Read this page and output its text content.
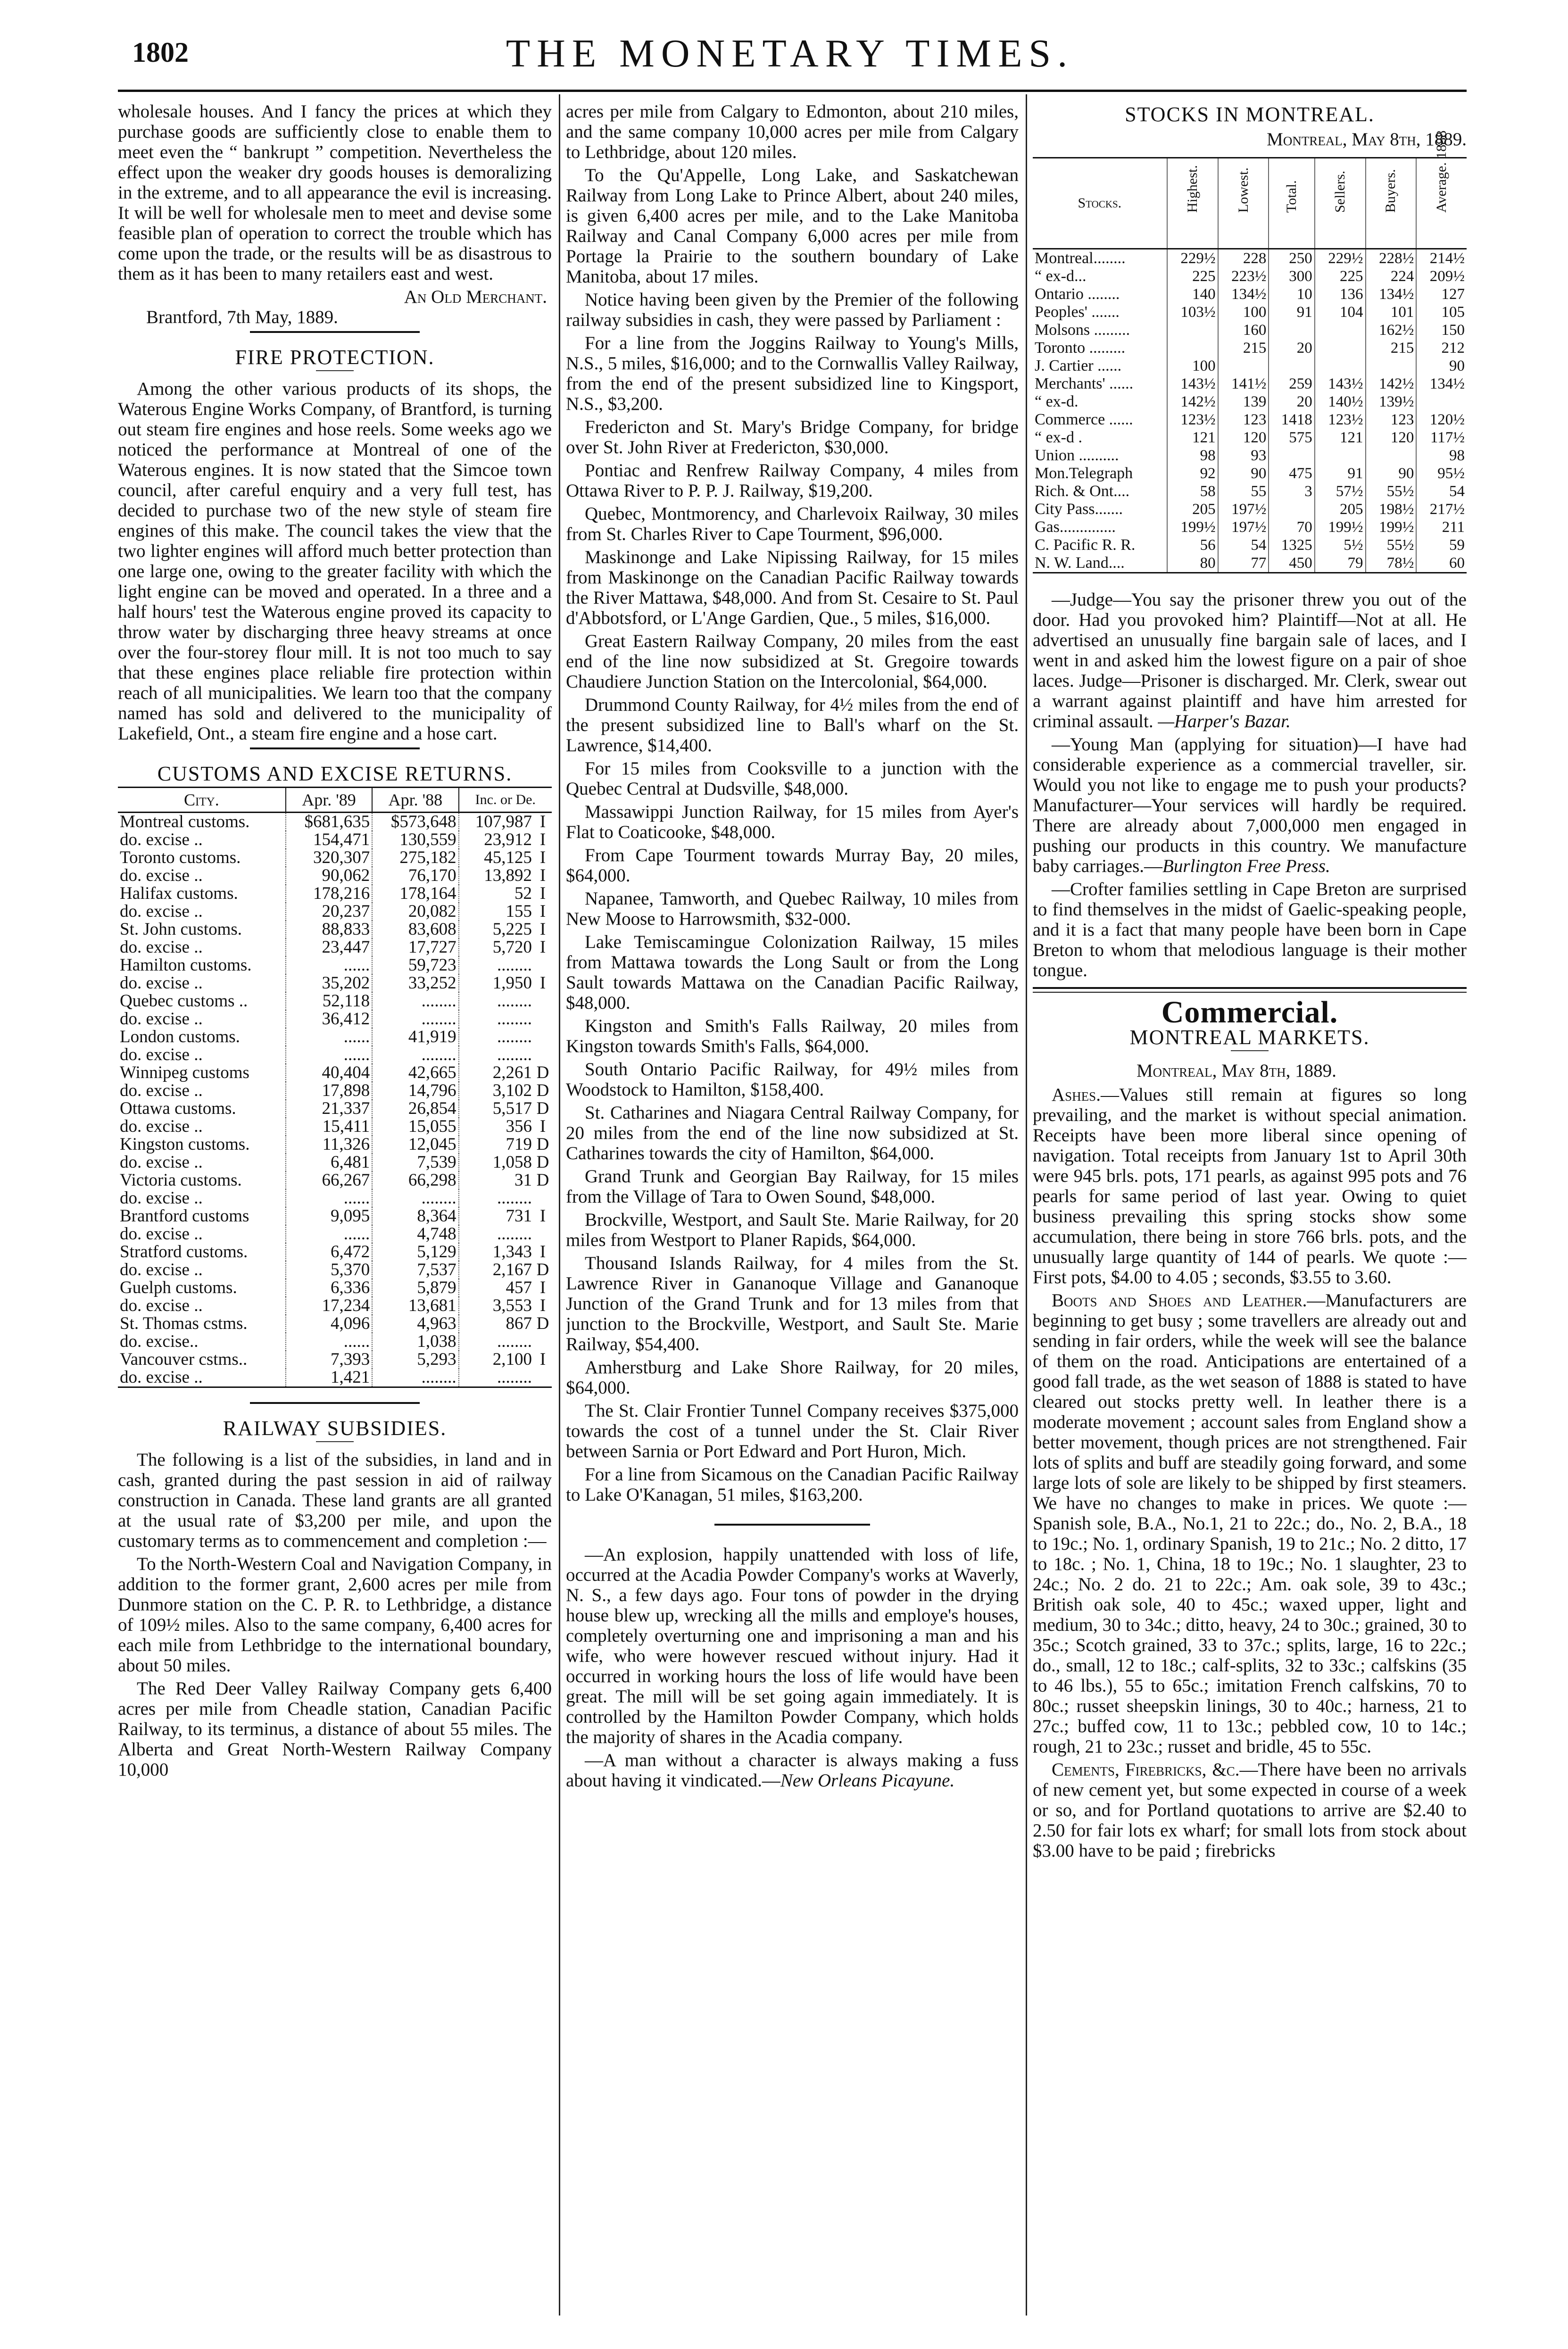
1802	THE MONETARY TIMES.

wholesale houses. And I fancy the prices at which they purchase goods are sufficiently close to enable them to meet even the “ bankrupt ” competition. Nevertheless the effect upon the weaker dry goods houses is demoralizing in the extreme, and to all appearance the evil is increasing. It will be well for wholesale men to meet and devise some feasible plan of operation to correct the trouble which has come upon the trade, or the results will be as disastrous to them as it has been to many retailers east and west.

An Old Merchant.
Brantford, 7th May, 1889.
FIRE PROTECTION.

Among the other various products of its shops, the Waterous Engine Works Company, of Brantford, is turning out steam fire engines and hose reels. Some weeks ago we noticed the performance at Montreal of one of the Waterous engines. It is now stated that the Simcoe town council, after careful enquiry and a very full test, has decided to purchase two of the new style of steam fire engines of this make. The council takes the view that the two lighter engines will afford much better protection than one large one, owing to the greater facility with which the light engine can be moved and operated. In a three and a half hours' test the Waterous engine proved its capacity to throw water by discharging three heavy streams at once over the four-storey flour mill. It is not too much to say that these engines place reliable fire protection within reach of all municipalities. We learn too that the company named has sold and delivered to the municipality of Lakefield, Ont., a steam fire engine and a hose cart.

CUSTOMS AND EXCISE RETURNS.
City.	Apr. '89	Apr. '88	Inc. or De.	
Montreal customs.	$681,635	$573,648	107,987	I
do. excise ..	154,471	130,559	23,912	I
Toronto customs.	320,307	275,182	45,125	I
do. excise ..	90,062	76,170	13,892	I
Halifax customs.	178,216	178,164	52	I
do. excise ..	20,237	20,082	155	I
St. John customs.	88,833	83,608	5,225	I
do. excise ..	23,447	17,727	5,720	I
Hamilton customs.	......	59,723	........	
do. excise ..	35,202	33,252	1,950	I
Quebec customs ..	52,118	........	........	
do. excise ..	36,412	........	........	
London customs.	......	41,919	........	
do. excise ..	......	........	........	
Winnipeg customs	40,404	42,665	2,261	D
do. excise ..	17,898	14,796	3,102	D
Ottawa customs.	21,337	26,854	5,517	D
do. excise ..	15,411	15,055	356	I
Kingston customs.	11,326	12,045	719	D
do. excise ..	6,481	7,539	1,058	D
Victoria customs.	66,267	66,298	31	D
do. excise ..	......	........	........	
Brantford customs	9,095	8,364	731	I
do. excise ..	......	4,748	........	
Stratford customs.	6,472	5,129	1,343	I
do. excise ..	5,370	7,537	2,167	D
Guelph customs.	6,336	5,879	457	I
do. excise ..	17,234	13,681	3,553	I
St. Thomas cstms.	4,096	4,963	867	D
do. excise..	......	1,038	........	
Vancouver cstms..	7,393	5,293	2,100	I
do. excise ..	1,421	........	........	
RAILWAY SUBSIDIES.

The following is a list of the subsidies, in land and in cash, granted during the past session in aid of railway construction in Canada. These land grants are all granted at the usual rate of $3,200 per mile, and upon the customary terms as to commencement and completion :—

To the North-Western Coal and Navigation Company, in addition to the former grant, 2,600 acres per mile from Dunmore station on the C. P. R. to Lethbridge, a distance of 109½ miles. Also to the same company, 6,400 acres for each mile from Lethbridge to the international boundary, about 50 miles.

The Red Deer Valley Railway Company gets 6,400 acres per mile from Cheadle station, Canadian Pacific Railway, to its terminus, a distance of about 55 miles. The Alberta and Great North-Western Railway Company 10,000

acres per mile from Calgary to Edmonton, about 210 miles, and the same company 10,000 acres per mile from Calgary to Lethbridge, about 120 miles.

To the Qu'Appelle, Long Lake, and Saskatchewan Railway from Long Lake to Prince Albert, about 240 miles, is given 6,400 acres per mile, and to the Lake Manitoba Railway and Canal Company 6,000 acres per mile from Portage la Prairie to the southern boundary of Lake Manitoba, about 17 miles.

Notice having been given by the Premier of the following railway subsidies in cash, they were passed by Parliament :

For a line from the Joggins Railway to Young's Mills, N.S., 5 miles, $16,000; and to the Cornwallis Valley Railway, from the end of the present subsidized line to Kingsport, N.S., $3,200.

Fredericton and St. Mary's Bridge Company, for bridge over St. John River at Fredericton, $30,000.

Pontiac and Renfrew Railway Company, 4 miles from Ottawa River to P. P. J. Railway, $19,200.

Quebec, Montmorency, and Charlevoix Railway, 30 miles from St. Charles River to Cape Tourment, $96,000.

Maskinonge and Lake Nipissing Railway, for 15 miles from Maskinonge on the Canadian Pacific Railway towards the River Mattawa, $48,000. And from St. Cesaire to St. Paul d'Abbotsford, or L'Ange Gardien, Que., 5 miles, $16,000.

Great Eastern Railway Company, 20 miles from the east end of the line now subsidized at St. Gregoire towards Chaudiere Junction Station on the Intercolonial, $64,000.

Drummond County Railway, for 4½ miles from the end of the present subsidized line to Ball's wharf on the St. Lawrence, $14,400.

For 15 miles from Cooksville to a junction with the Quebec Central at Dudsville, $48,000.

Massawippi Junction Railway, for 15 miles from Ayer's Flat to Coaticooke, $48,000.

From Cape Tourment towards Murray Bay, 20 miles, $64,000.

Napanee, Tamworth, and Quebec Railway, 10 miles from New Moose to Harrowsmith, $32-000.

Lake Temiscamingue Colonization Railway, 15 miles from Mattawa towards the Long Sault or from the Long Sault towards Mattawa on the Canadian Pacific Railway, $48,000.

Kingston and Smith's Falls Railway, 20 miles from Kingston towards Smith's Falls, $64,000.

South Ontario Pacific Railway, for 49½ miles from Woodstock to Hamilton, $158,400.

St. Catharines and Niagara Central Railway Company, for 20 miles from the end of the line now subsidized at St. Catharines towards the city of Hamilton, $64,000.

Grand Trunk and Georgian Bay Railway, for 15 miles from the Village of Tara to Owen Sound, $48,000.

Brockville, Westport, and Sault Ste. Marie Railway, for 20 miles from Westport to Planer Rapids, $64,000.

Thousand Islands Railway, for 4 miles from the St. Lawrence River in Gananoque Village and Gananoque Junction of the Grand Trunk and for 13 miles from that junction to the Brockville, Westport, and Sault Ste. Marie Railway, $54,400.

Amherstburg and Lake Shore Railway, for 20 miles, $64,000.

The St. Clair Frontier Tunnel Company receives $375,000 towards the cost of a tunnel under the St. Clair River between Sarnia or Port Edward and Port Huron, Mich.

For a line from Sicamous on the Canadian Pacific Railway to Lake O'Kanagan, 51 miles, $163,200.

—An explosion, happily unattended with loss of life, occurred at the Acadia Powder Company's works at Waverly, N. S., a few days ago. Four tons of powder in the drying house blew up, wrecking all the mills and employe's houses, completely overturning one and imprisoning a man and his wife, who were however rescued without injury. Had it occurred in working hours the loss of life would have been great. The mill will be set going again immediately. It is controlled by the Hamilton Powder Company, which holds the majority of shares in the Acadia company.

—A man without a character is always making a fuss about having it vindicated.—New Orleans Picayune.

STOCKS IN MONTREAL.
Montreal, May 8th, 1889.
Stocks.	Highest.	Lowest.	Total.	Sellers.	Buyers.	Average. 1888
Montreal........	229½	228	250	229½	228½	214½
“ ex-d...	225	223½	300	225	224	209½
Ontario ........	140	134½	10	136	134½	127
Peoples' .......	103½	100	91	104	101	105
Molsons .........		160			162½	150
Toronto .........		215	20		215	212
J. Cartier ......	100					90
Merchants' ......	143½	141½	259	143½	142½	134½
“ ex-d.	142½	139	20	140½	139½	
Commerce ......	123½	123	1418	123½	123	120½
“ ex-d .	121	120	575	121	120	117½
Union ..........	98	93				98
Mon.Telegraph	92	90	475	91	90	95½
Rich. & Ont....	58	55	3	57½	55½	54
City Pass.......	205	197½		205	198½	217½
Gas..............	199½	197½	70	199½	199½	211
C. Pacific R. R.	56	54	1325	5½	55½	59
N. W. Land....	80	77	450	79	78½	60

—Judge—You say the prisoner threw you out of the door. Had you provoked him? Plaintiff—Not at all. He advertised an unusually fine bargain sale of laces, and I went in and asked him the lowest figure on a pair of shoe laces. Judge—Prisoner is discharged. Mr. Clerk, swear out a warrant against plaintiff and have him arrested for criminal assault. —Harper's Bazar.

—Young Man (applying for situation)—I have had considerable experience as a commercial traveller, sir. Would you not like to engage me to push your products? Manufacturer—Your services will hardly be required. There are already about 7,000,000 men engaged in pushing our products in this country. We manufacture baby carriages.—Burlington Free Press.

—Crofter families settling in Cape Breton are surprised to find themselves in the midst of Gaelic-speaking people, and it is a fact that many people have been born in Cape Breton to whom that melodious language is their mother tongue.

Commercial.
MONTREAL MARKETS.
Montreal, May 8th, 1889.

Ashes.—Values still remain at figures so long prevailing, and the market is without special animation. Receipts have been more liberal since opening of navigation. Total receipts from January 1st to April 30th were 945 brls. pots, 171 pearls, as against 995 pots and 76 pearls for same period of last year. Owing to quiet business prevailing this spring stocks show some accumulation, there being in store 766 brls. pots, and the unusually large quantity of 144 of pearls. We quote :—First pots, $4.00 to 4.05 ; seconds, $3.55 to 3.60.

Boots and Shoes and Leather.—Manufacturers are beginning to get busy ; some travellers are already out and sending in fair orders, while the week will see the balance of them on the road. Anticipations are entertained of a good fall trade, as the wet season of 1888 is stated to have cleared out stocks pretty well. In leather there is a moderate movement ; account sales from England show a better movement, though prices are not strengthened. Fair lots of splits and buff are steadily going forward, and some large lots of sole are likely to be shipped by first steamers. We have no changes to make in prices. We quote :—Spanish sole, B.A., No.1, 21 to 22c.; do., No. 2, B.A., 18 to 19c.; No. 1, ordinary Spanish, 19 to 21c.; No. 2 ditto, 17 to 18c. ; No. 1, China, 18 to 19c.; No. 1 slaughter, 23 to 24c.; No. 2 do. 21 to 22c.; Am. oak sole, 39 to 43c.; British oak sole, 40 to 45c.; waxed upper, light and medium, 30 to 34c.; ditto, heavy, 24 to 30c.; grained, 30 to 35c.; Scotch grained, 33 to 37c.; splits, large, 16 to 22c.; do., small, 12 to 18c.; calf-splits, 32 to 33c.; calfskins (35 to 46 lbs.), 55 to 65c.; imitation French calfskins, 70 to 80c.; russet sheepskin linings, 30 to 40c.; harness, 21 to 27c.; buffed cow, 11 to 13c.; pebbled cow, 10 to 14c.; rough, 21 to 23c.; russet and bridle, 45 to 55c.

Cements, Firebricks, &c.—There have been no arrivals of new cement yet, but some expected in course of a week or so, and for Portland quotations to arrive are $2.40 to 2.50 for fair lots ex wharf; for small lots from stock about $3.00 have to be paid ; firebricks
